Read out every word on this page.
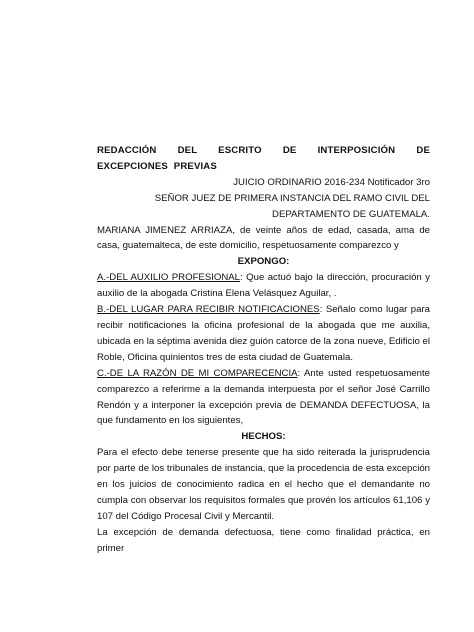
REDACCIÓN DEL ESCRITO DE INTERPOSICIÓN DE EXCEPCIONES PREVIAS

JUICIO ORDINARIO 2016-234 Notificador 3ro

SEÑOR JUEZ DE PRIMERA INSTANCIA DEL RAMO CIVIL DEL

DEPARTAMENTO DE GUATEMALA.

MARIANA JIMENEZ ARRIAZA, de veinte años de edad, casada, ama de casa, guatemalteca, de este domicilio, respetuosamente comparezco y

EXPONGO:

A.-DEL AUXILIO PROFESIONAL: Que actuó bajo la dirección, procuración y auxilio de la abogada Cristina Elena Velásquez Aguilar, .

B.-DEL LUGAR PARA RECIBIR NOTIFICACIONES: Señalo como lugar para recibir notificaciones la oficina profesional de la abogada que me auxilia, ubicada en la séptima avenida diez guión catorce de la zona nueve, Edificio el Roble, Oficina quinientos tres de esta ciudad de Guatemala.

C.-DE LA RAZÓN DE MI COMPARECENCIA: Ante usted respetuosamente comparezco a referirme a la demanda interpuesta por el señor José Carrillo Rendón y a interponer la excepción previa de DEMANDA DEFECTUOSA, la que fundamento en los siguientes,

HECHOS:

Para el efecto debe tenerse presente que ha sido reiterada la jurisprudencia por parte de los tribunales de instancia, que la procedencia de esta excepción en los juicios de conocimiento radica en el hecho que el demandante no cumpla con observar los requisitos formales que provén los artículos 61,106 y 107 del Código Procesal Civil y Mercantil.

La excepción de demanda defectuosa, tiene como finalidad práctica, en primer
